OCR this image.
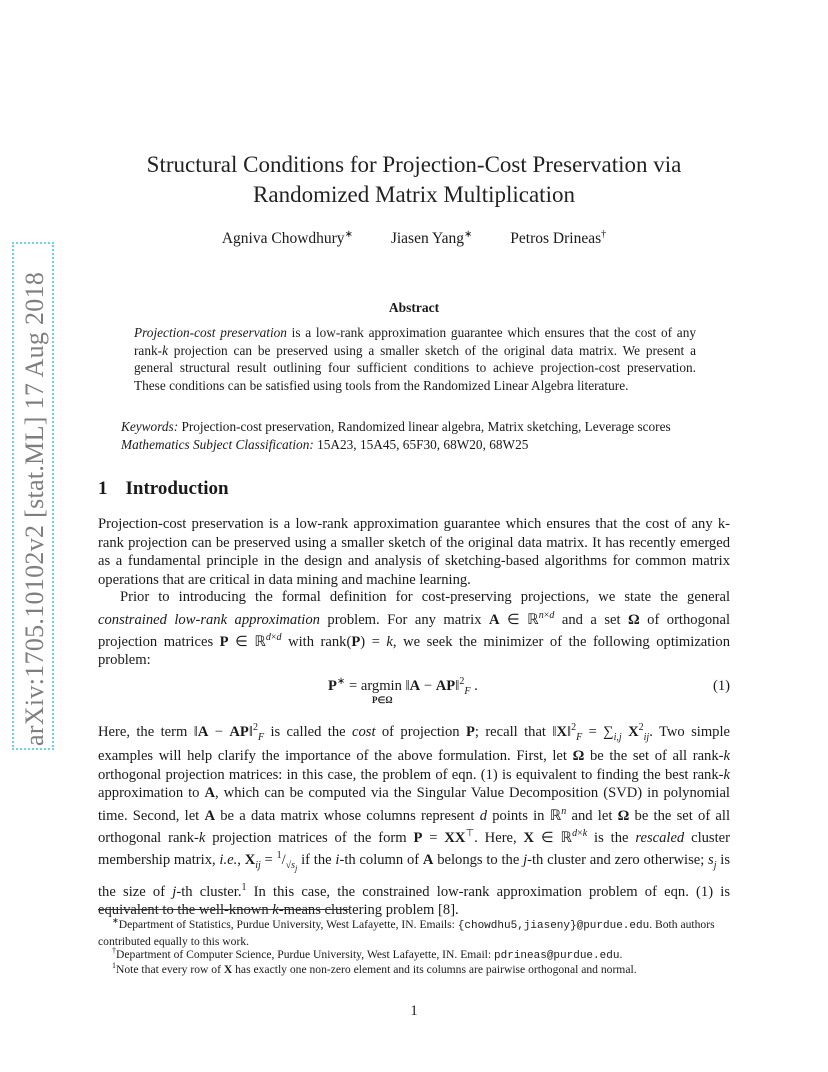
arXiv:1705.10102v2 [stat.ML] 17 Aug 2018
Structural Conditions for Projection-Cost Preservation via
Randomized Matrix Multiplication
Agniva Chowdhury∗ Jiasen Yang∗ Petros Drineas†
Abstract
Projection-cost preservation is a low-rank approximation guarantee which ensures that the cost of any rank-k projection can be preserved using a smaller sketch of the original data matrix. We present a general structural result outlining four sufficient conditions to achieve projection-cost preservation. These conditions can be satisfied using tools from the Randomized Linear Algebra literature.
Keywords: Projection-cost preservation, Randomized linear algebra, Matrix sketching, Leverage scores
Mathematics Subject Classification: 15A23, 15A45, 65F30, 68W20, 68W25
1 Introduction
Projection-cost preservation is a low-rank approximation guarantee which ensures that the cost of any k-rank projection can be preserved using a smaller sketch of the original data matrix. It has recently emerged as a fundamental principle in the design and analysis of sketching-based algorithms for common matrix operations that are critical in data mining and machine learning.
Prior to introducing the formal definition for cost-preserving projections, we state the general constrained low-rank approximation problem. For any matrix A ∈ ℝ$^{n\times d}$ and a set Ω of orthogonal projection matrices P ∈ ℝ$^{d\times d}$ with rank(P) = k, we seek the minimizer of the following optimization problem:
P∗ = argmin ‖A − AP‖$^2_F$ .
P∈Ω
(1)
Here, the term ‖A − AP‖$^2_F$ is called the cost of projection P; recall that ‖X‖$^2_F$ = $\sum_{i,j}$ $X^2_{ij}$. Two simple examples will help clarify the importance of the above formulation. First, let Ω be the set of all rank-k orthogonal projection matrices: in this case, the problem of eqn. (1) is equivalent to finding the best rank-k approximation to A, which can be computed via the Singular Value Decomposition (SVD) in polynomial time. Second, let A be a data matrix whose columns represent d points in ℝ$^n$ and let Ω be the set of all orthogonal rank-k projection matrices of the form P = XX⊤. Here, X ∈ ℝ$^{d\times k}$ is the rescaled cluster membership matrix, i.e., $X_{ij} = ^1/_{√s_j}$ if the i-th column of A belongs to the j-th cluster and zero otherwise; $s_j$ is the size of j-th cluster.$^1$ In this case, the constrained low-rank approximation problem of eqn. (1) is equivalent to the well-known k-means clustering problem [8].
∗Department of Statistics, Purdue University, West Lafayette, IN. Emails: {chowdhu5,jiaseny}@purdue.edu. Both authors contributed equally to this work.
†Department of Computer Science, Purdue University, West Lafayette, IN. Email: pdrineas@purdue.edu.
$^1$Note that every row of X has exactly one non-zero element and its columns are pairwise orthogonal and normal.
1
